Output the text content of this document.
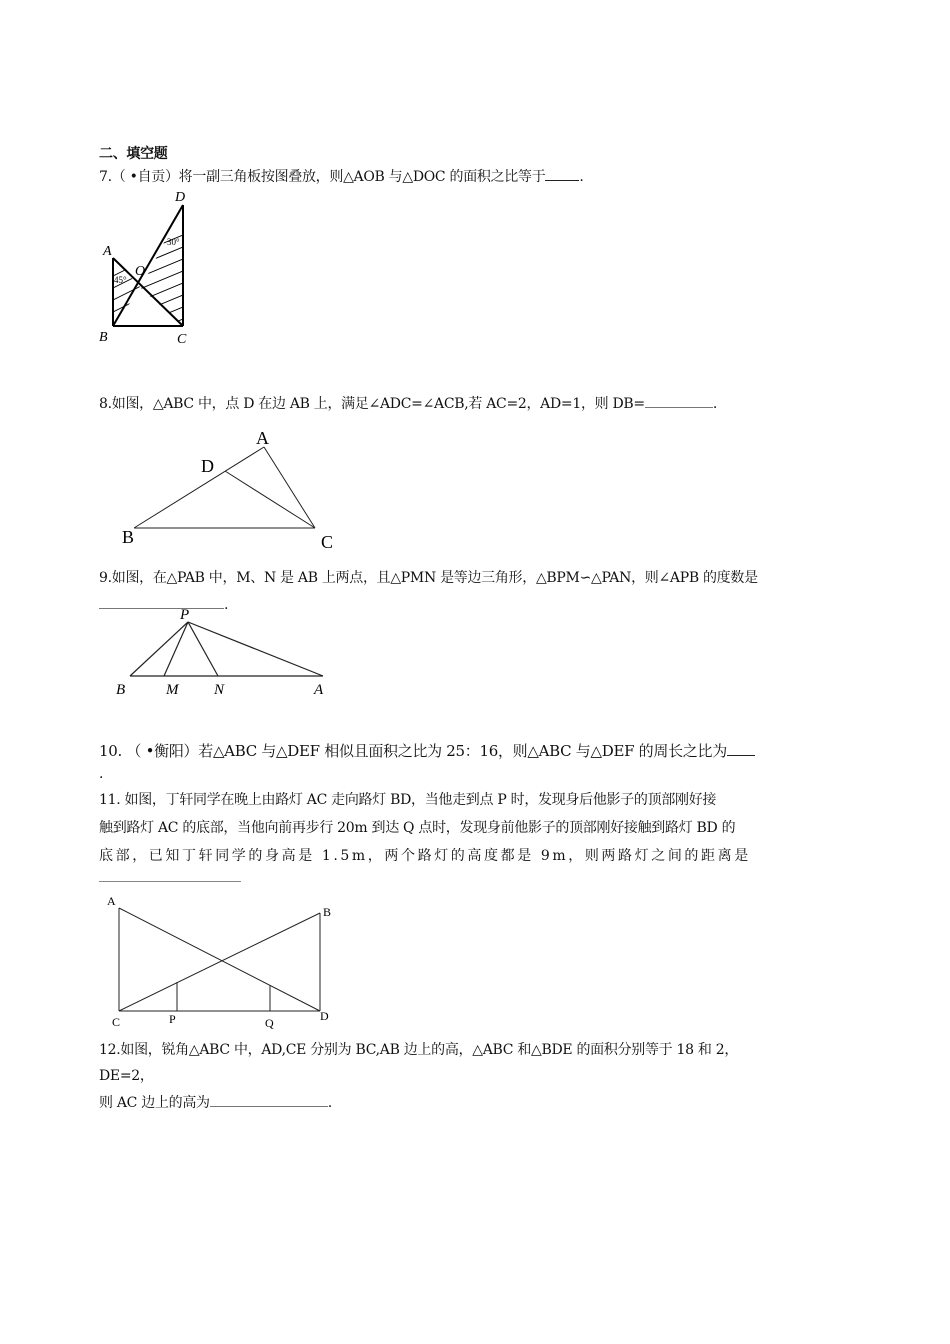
二、填空题
7.（ •自贡）将一副三角板按图叠放，则△AOB 与△DOC 的面积之比等于 .
A
D
O
B	C
45°
30°
8.如图，△ABC 中，点 D 在边 AB 上，满足∠ADC=∠ACB,若 AC=2，AD=1，则 DB=	.
A
D
B	C
9.如图，在△PAB 中，M、N 是 AB 上两点，且△PMN 是等边三角形，△BPM∽△PAN，则∠APB 的度数是
.
P
B	M N	A
10. （ •衡阳）若△ABC 与△DEF 相似且面积之比为 25：16，则△ABC 与△DEF 的周长之比为
.
11. 如图，丁轩同学在晚上由路灯 AC 走向路灯 BD，当他走到点 P 时，发现身后他影子的顶部刚好接
触到路灯 AC 的底部，当他向前再步行 20m 到达 Q 点时，发现身前他影子的顶部刚好接触到路灯 BD 的
底部，已知丁轩同学的身高是 1.5m，两个路灯的高度都是 9m，则两路灯之间的距离是
A
B
C	D
P	Q
12.如图，锐角△ABC 中，AD,CE 分别为 BC,AB 边上的高，△ABC 和△BDE 的面积分别等于 18 和 2，
DE=2，
则 AC 边上的高为	.
